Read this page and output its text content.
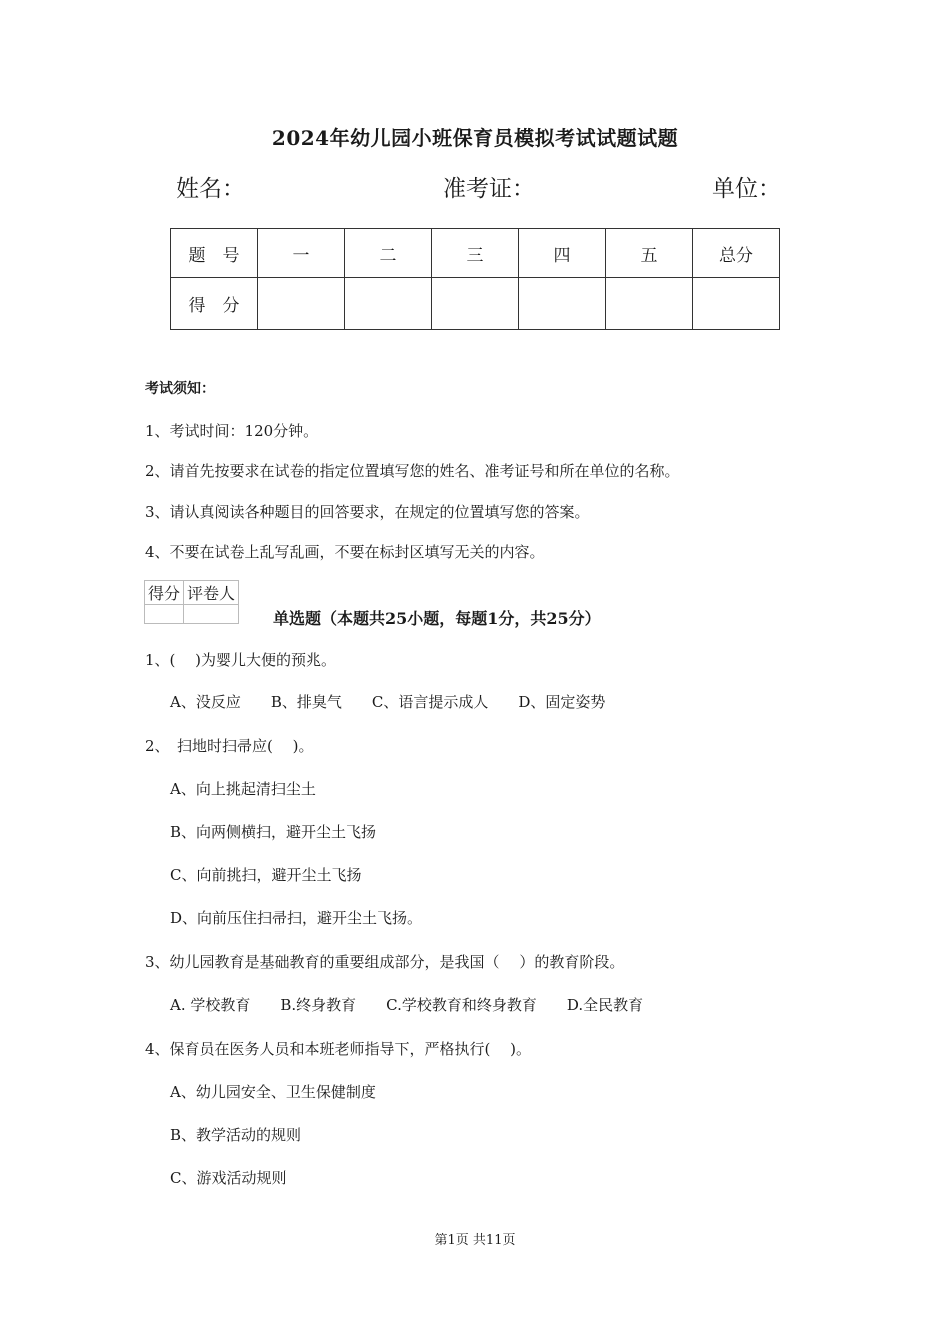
2024年幼儿园小班保育员模拟考试试题试题
姓名：	准考证：	单位：
题　号	一	二	三	四	五	总分
得　分						
考试须知：
1、考试时间：120分钟。
2、请首先按要求在试卷的指定位置填写您的姓名、准考证号和所在单位的名称。
3、请认真阅读各种题目的回答要求，在规定的位置填写您的答案。
4、不要在试卷上乱写乱画，不要在标封区填写无关的内容。
得分	评卷人

单选题（本题共25小题，每题1分，共25分）
1、(　 )为婴儿大便的预兆。
A、没反应　　B、排臭气　　C、语言提示成人　　D、固定姿势
2、　扫地时扫帚应(　 )。
A、向上挑起清扫尘土
B、向两侧横扫，避开尘土飞扬
C、向前挑扫，避开尘土飞扬
D、向前压住扫帚扫，避开尘土飞扬。
3、幼儿园教育是基础教育的重要组成部分，是我国（　 ）的教育阶段。
A. 学校教育　　B.终身教育　　C.学校教育和终身教育　　D.全民教育
4、保育员在医务人员和本班老师指导下，严格执行(　 )。
A、幼儿园安全、卫生保健制度
B、教学活动的规则
C、游戏活动规则
第1页 共11页
